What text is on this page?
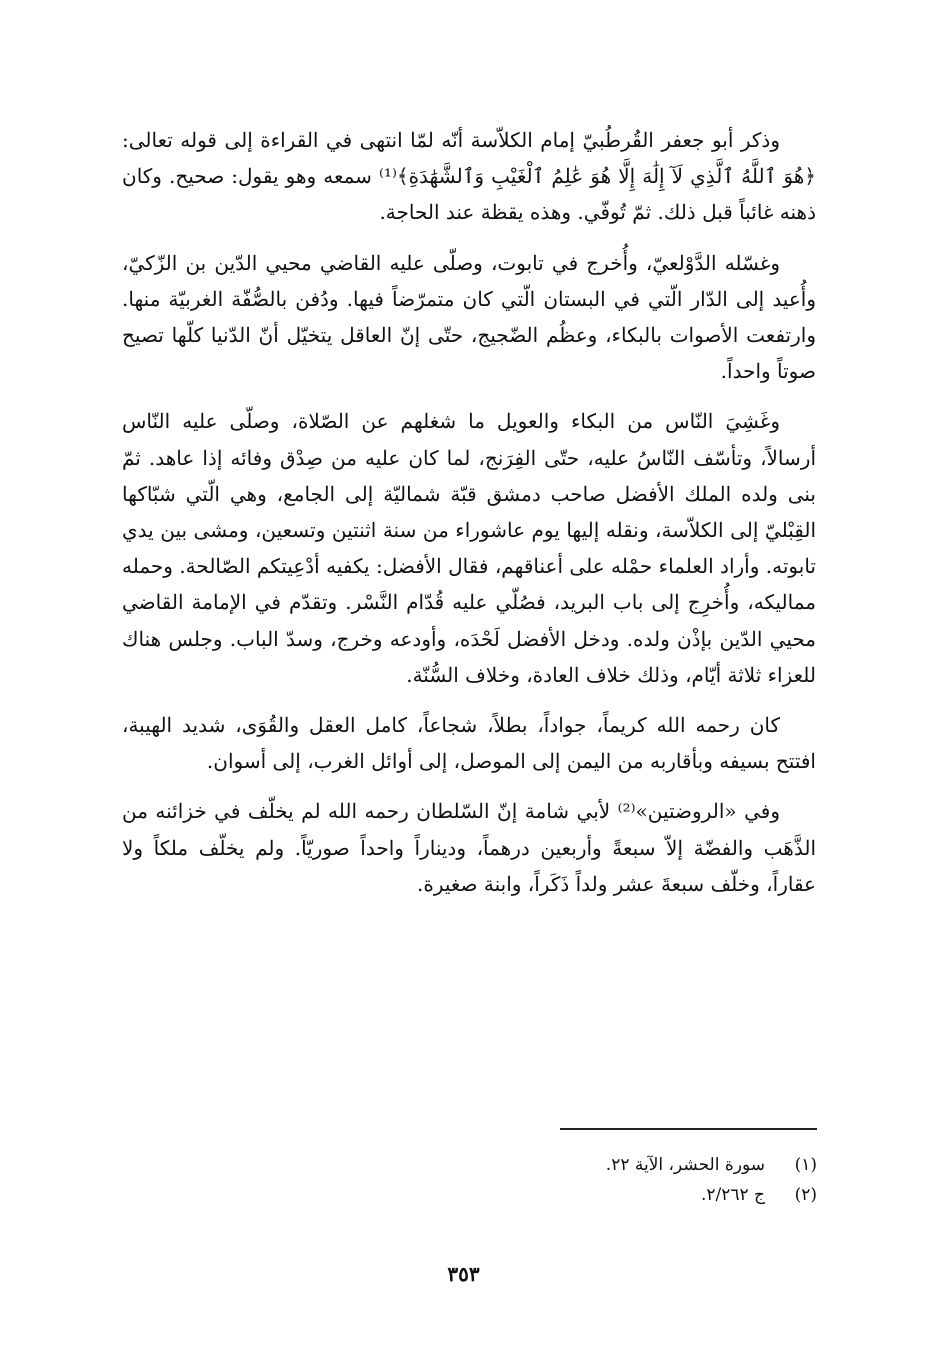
وذكر أبو جعفر القُرطُبيّ إمام الكلاّسة أنّه لمّا انتهى في القراءة إلى قوله تعالى: ﴿هُوَ ٱللَّهُ ٱلَّذِي لَآ إِلَٰهَ إِلَّا هُوَ عَٰلِمُ ٱلْغَيْبِ وَٱلشَّهَٰدَةِ﴾⁽¹⁾ سمعه وهو يقول: صحيح. وكان ذهنه غائباً قبل ذلك. ثمّ تُوفّي. وهذه يقظة عند الحاجة.

وغسّله الدَّوْلعيّ، وأُخرج في تابوت، وصلّى عليه القاضي محيي الدّين بن الزّكيّ، وأُعيد إلى الدّار الّتي في البستان الّتي كان متمرّضاً فيها. ودُفن بالصُّفّة الغربيّة منها. وارتفعت الأصوات بالبكاء، وعظُم الضّجيج، حتّى إنّ العاقل يتخيّل أنّ الدّنيا كلّها تصيح صوتاً واحداً.

وغَشِيَ النّاس من البكاء والعويل ما شغلهم عن الصّلاة، وصلّى عليه النّاس أرسالاً، وتأسّف النّاسُ عليه، حتّى الفِرَنج، لما كان عليه من صِدْق وفائه إذا عاهد. ثمّ بنى ولده الملك الأفضل صاحب دمشق قبّة شماليّة إلى الجامع، وهي الّتي شبّاكها القِبْليّ إلى الكلاّسة، ونقله إليها يوم عاشوراء من سنة اثنتين وتسعين، ومشى بين يدي تابوته. وأراد العلماء حمْله على أعناقهم، فقال الأفضل: يكفيه أدْعِيتكم الصّالحة. وحمله مماليكه، وأُخرِج إلى باب البريد، فصُلّي عليه قُدّام النَّسْر. وتقدّم في الإمامة القاضي محيي الدّين بإذْن ولده. ودخل الأفضل لَحْدَه، وأودعه وخرج، وسدّ الباب. وجلس هناك للعزاء ثلاثة أيّام، وذلك خلاف العادة، وخلاف السُّنّة.

كان رحمه الله كريماً، جواداً، بطلاً، شجاعاً، كامل العقل والقُوَى، شديد الهيبة، افتتح بسيفه وبأقاربه من اليمن إلى الموصل، إلى أوائل الغرب، إلى أسوان.

وفي «الروضتين»⁽²⁾ لأبي شامة إنّ السّلطان رحمه الله لم يخلّف في خزائنه من الذَّهَب والفضّة إلاّ سبعةً وأربعين درهماً، وديناراً واحداً صوريّاً. ولم يخلّف ملكاً ولا عقاراً، وخلّف سبعةَ عشر ولداً ذَكَراً، وابنة صغيرة.

(١)
سورة الحشر، الآية ٢٢.
(٢)
ج ٢/٢٦٢.
٣٥٣
